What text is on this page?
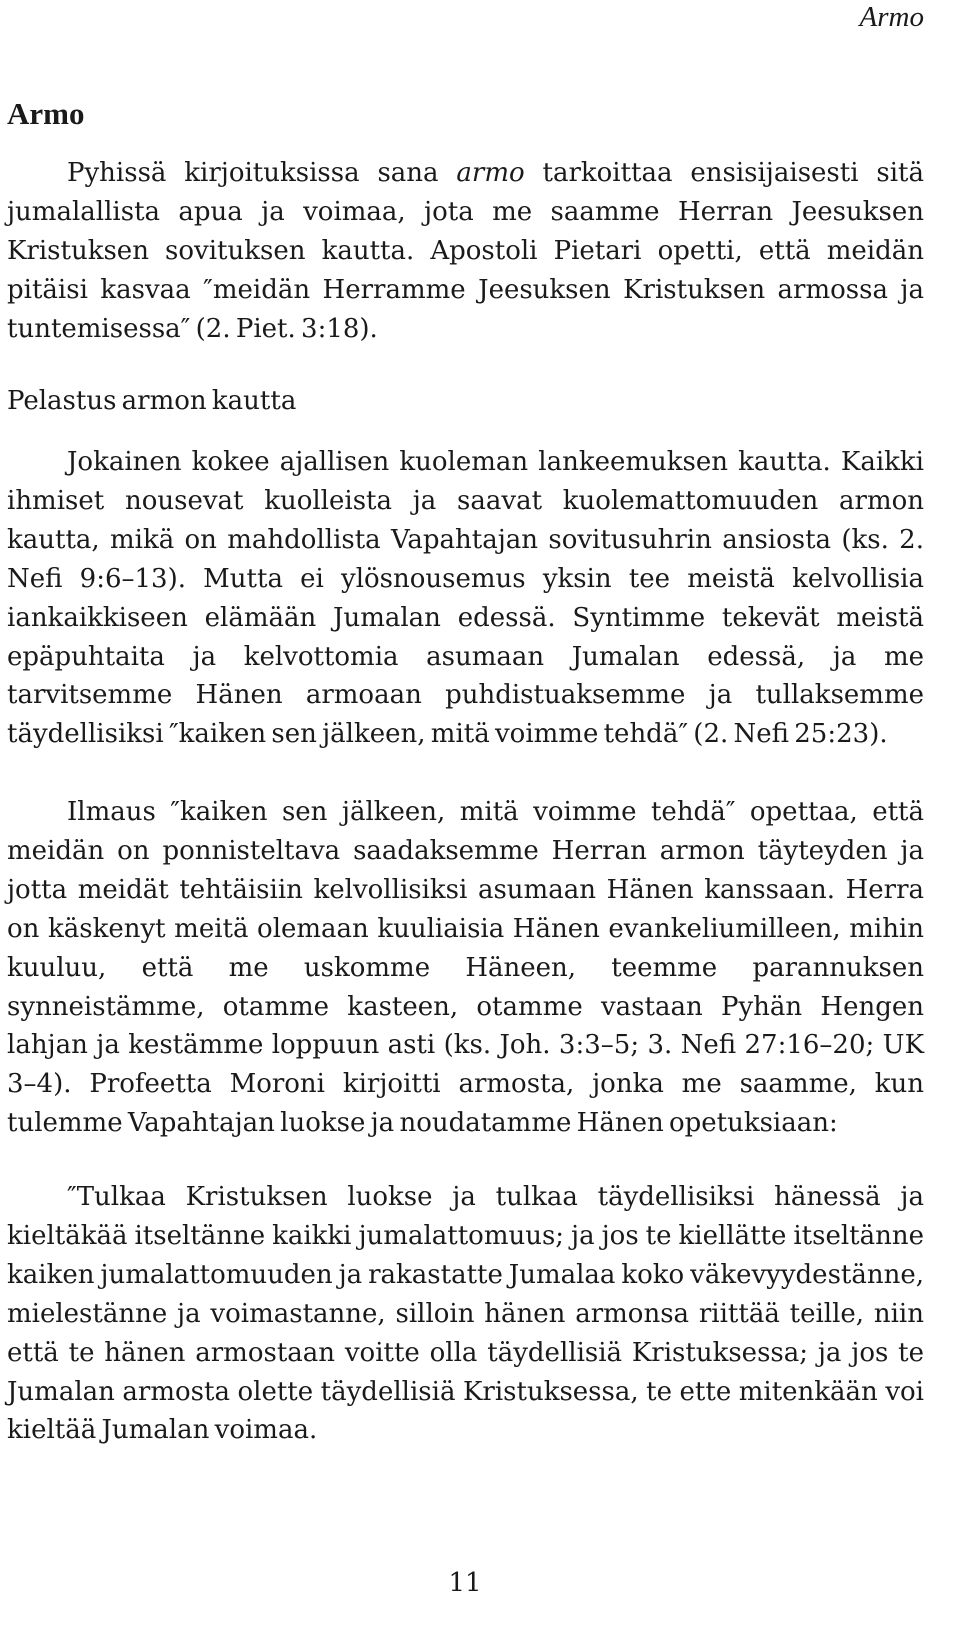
Armo
Armo

Pyhissä kirjoituksissa sana armo tarkoittaa ensisijaisesti sitä jumalallista apua ja voimaa, jota me saamme Herran Jeesuksen Kristuksen sovituksen kautta. Apostoli Pietari opetti, että meidän pitäisi kasvaa ″meidän Herramme Jeesuksen Kristuksen armossa ja tuntemisessa″ (2. Piet. 3:18).

Pelastus armon kautta

Jokainen kokee ajallisen kuoleman lankeemuksen kautta. Kaikki ihmiset nousevat kuolleista ja saavat kuolemattomuuden armon kautta, mikä on mahdollista Vapahtajan sovitusuhrin ansiosta (ks. 2. Nefi 9:6–13). Mutta ei ylösnousemus yksin tee meistä kelvollisia iankaikkiseen elämään Jumalan edessä. Syntimme tekevät meistä epäpuhtaita ja kelvottomia asumaan Jumalan edessä, ja me tarvitsemme Hänen armoaan puhdistuaksemme ja tullaksemme täydellisiksi ″kaiken sen jälkeen, mitä voimme tehdä″ (2. Nefi 25:23).

Ilmaus ″kaiken sen jälkeen, mitä voimme tehdä″ opettaa, että meidän on ponnisteltava saadaksemme Herran armon täyteyden ja jotta meidät tehtäisiin kelvollisiksi asumaan Hänen kanssaan. Herra on käskenyt meitä olemaan kuuliaisia Hänen evankeliumilleen, mihin kuuluu, että me uskomme Häneen, teemme parannuksen synneistämme, otamme kasteen, otamme vastaan Pyhän Hengen lahjan ja kestämme loppuun asti (ks. Joh. 3:3–5; 3. Nefi 27:16–20; UK 3–4). Profeetta Moroni kirjoitti armosta, jonka me saamme, kun tulemme Vapahtajan luokse ja noudatamme Hänen opetuksiaan:

″Tulkaa Kristuksen luokse ja tulkaa täydellisiksi hänessä ja kieltäkää itseltänne kaikki jumalattomuus; ja jos te kiellätte itseltänne kaiken jumalattomuuden ja rakastatte Jumalaa koko väkevyydestänne, mielestänne ja voimastanne, silloin hänen armonsa riittää teille, niin että te hänen armostaan voitte olla täydellisiä Kristuksessa; ja jos te Jumalan armosta olette täydellisiä Kristuksessa, te ette mitenkään voi kieltää Jumalan voimaa.

11
